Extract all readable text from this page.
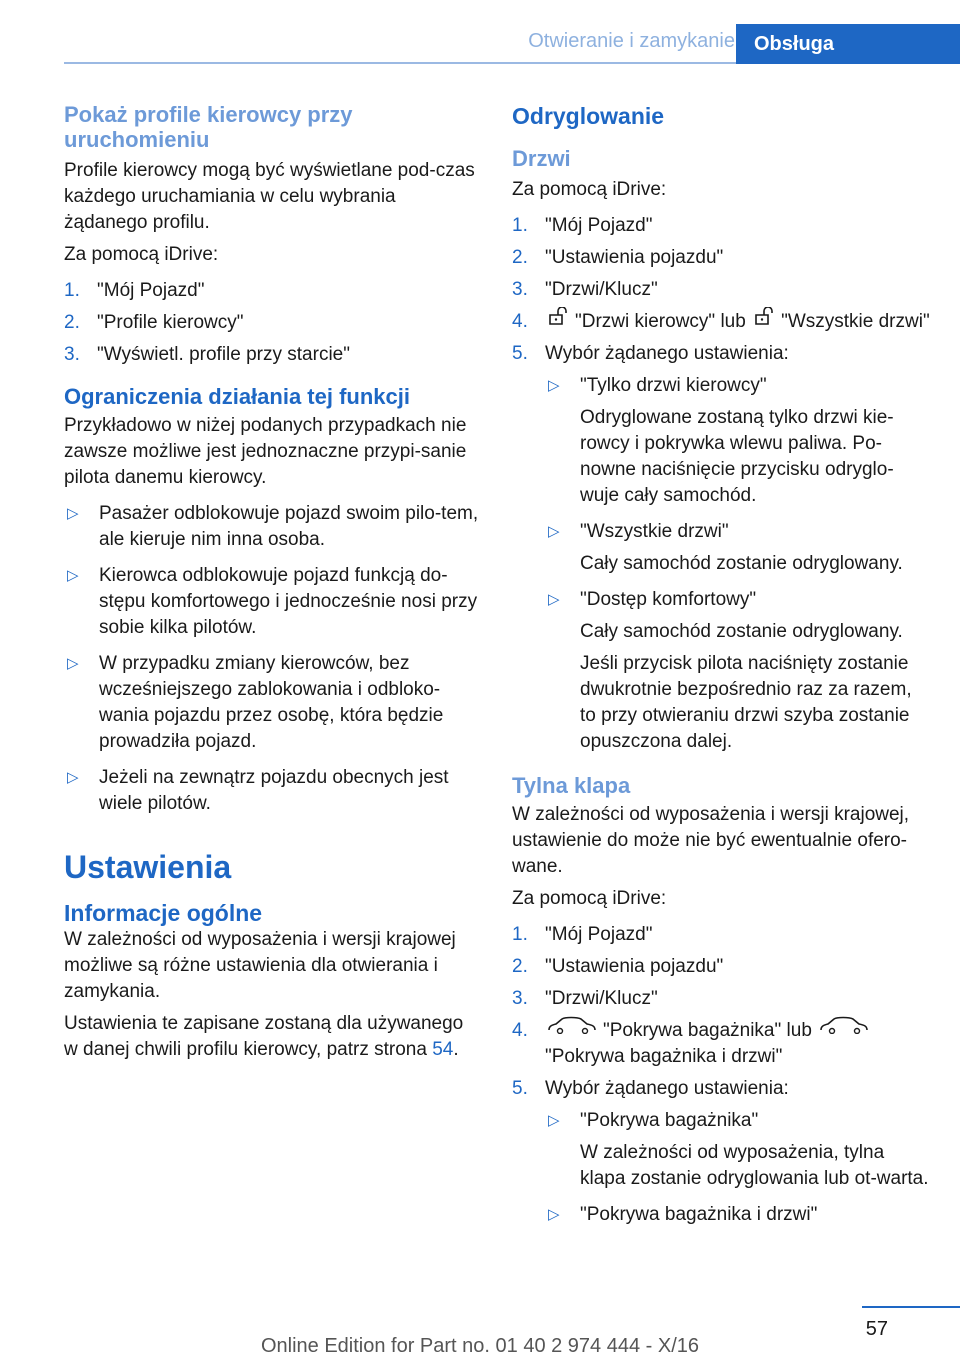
Otwieranie i zamykanie Obsługa
Pokaż profile kierowcy przy uruchomieniu

Profile kierowcy mogą być wyświetlane pod-czas każdego uruchamiania w celu wybrania żądanego profilu.

Za pomocą iDrive:

1. "Mój Pojazd"
2. "Profile kierowcy"
3. "Wyświetl. profile przy starcie"
Ograniczenia działania tej funkcji

Przykładowo w niżej podanych przypadkach nie zawsze możliwe jest jednoznaczne przypi-sanie pilota danemu kierowcy.

▷ Pasażer odblokowuje pojazd swoim pilo-tem, ale kieruje nim inna osoba.
▷ Kierowca odblokowuje pojazd funkcją do-stępu komfortowego i jednocześnie nosi przy sobie kilka pilotów.
▷ W przypadku zmiany kierowców, bez wcześniejszego zablokowania i odbloko-wania pojazdu przez osobę, która będzie prowadziła pojazd.
▷ Jeżeli na zewnątrz pojazdu obecnych jest wiele pilotów.
Ustawienia
Informacje ogólne

W zależności od wyposażenia i wersji krajowej możliwe są różne ustawienia dla otwierania i zamykania.

Ustawienia te zapisane zostaną dla używanego w danej chwili profilu kierowcy, patrz strona 54.

Odryglowanie
Drzwi

Za pomocą iDrive:

1. "Mój Pojazd"
2. "Ustawienia pojazdu"
3. "Drzwi/Klucz"
4. "Drzwi kierowcy" lub "Wszystkie drzwi"
5. Wybór żądanego ustawienia:
▷ "Tylko drzwi kierowcy"
Odryglowane zostaną tylko drzwi kie-rowcy i pokrywka wlewu paliwa. Po-nowne naciśnięcie przycisku odryglo-wuje cały samochód.
▷ "Wszystkie drzwi"
Cały samochód zostanie odryglowany.
▷ "Dostęp komfortowy"
Cały samochód zostanie odryglowany.
Jeśli przycisk pilota naciśnięty zostanie dwukrotnie bezpośrednio raz za razem, to przy otwieraniu drzwi szyba zostanie opuszczona dalej.
Tylna klapa

W zależności od wyposażenia i wersji krajowej, ustawienie do może nie być ewentualnie ofero-wane.

Za pomocą iDrive:

1. "Mój Pojazd"
2. "Ustawienia pojazdu"
3. "Drzwi/Klucz"
4.	"Pokrywa bagażnika" lub "Pokrywa bagażnika i drzwi"
5. Wybór żądanego ustawienia:
▷ "Pokrywa bagażnika"
W zależności od wyposażenia, tylna klapa zostanie odryglowania lub ot-warta.
▷ "Pokrywa bagażnika i drzwi"
57
Online Edition for Part no. 01 40 2 974 444 - X/16
